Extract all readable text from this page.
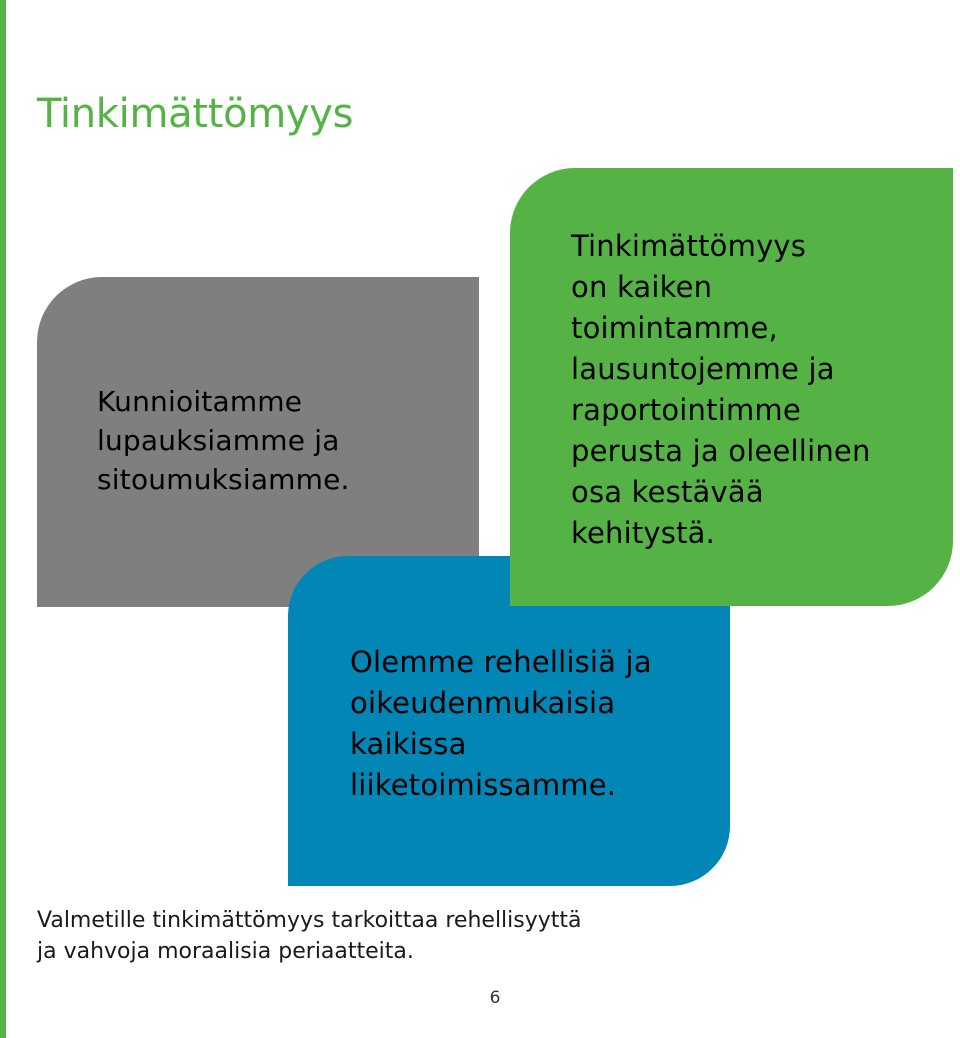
Tinkimättömyys

Kunnioitamme
lupauksiamme ja
sitoumuksiamme.

Tinkimättömyys
on kaiken
toimintamme,
lausuntojemme ja
raportointimme
perusta ja oleellinen
osa kestävää
kehitystä.

Olemme rehellisiä ja
oikeudenmukaisia
kaikissa
liiketoimissamme.

Valmetille tinkimättömyys tarkoittaa rehellisyyttä
ja vahvoja moraalisia periaatteita.

6
